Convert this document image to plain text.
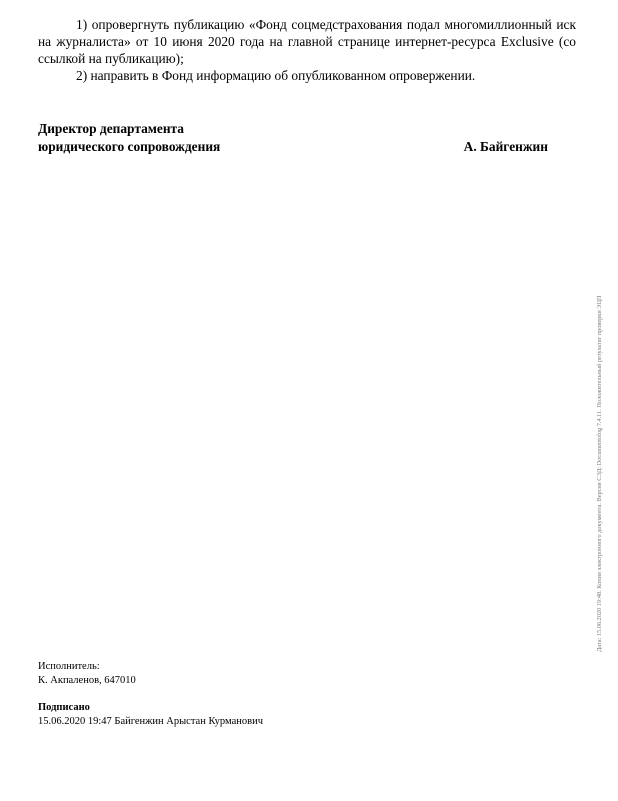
1) опровергнуть публикацию «Фонд соцмедстрахования подал многомиллионный иск на журналиста» от 10 июня 2020 года на главной странице интернет-ресурса Exclusive (со ссылкой на публикацию);

2) направить в Фонд информацию об опубликованном опровержении.

Директор департамента
юридического сопровождения	А. Байгенжин
Дата: 15.06.2020 19:48. Копия электронного документа. Версия СЭД: Documentolog 7.4.11. Положительный результат проверки ЭЦП
Исполнитель:
К. Акпаленов, 647010
Подписано
15.06.2020 19:47 Байгенжин Арыстан Курманович
